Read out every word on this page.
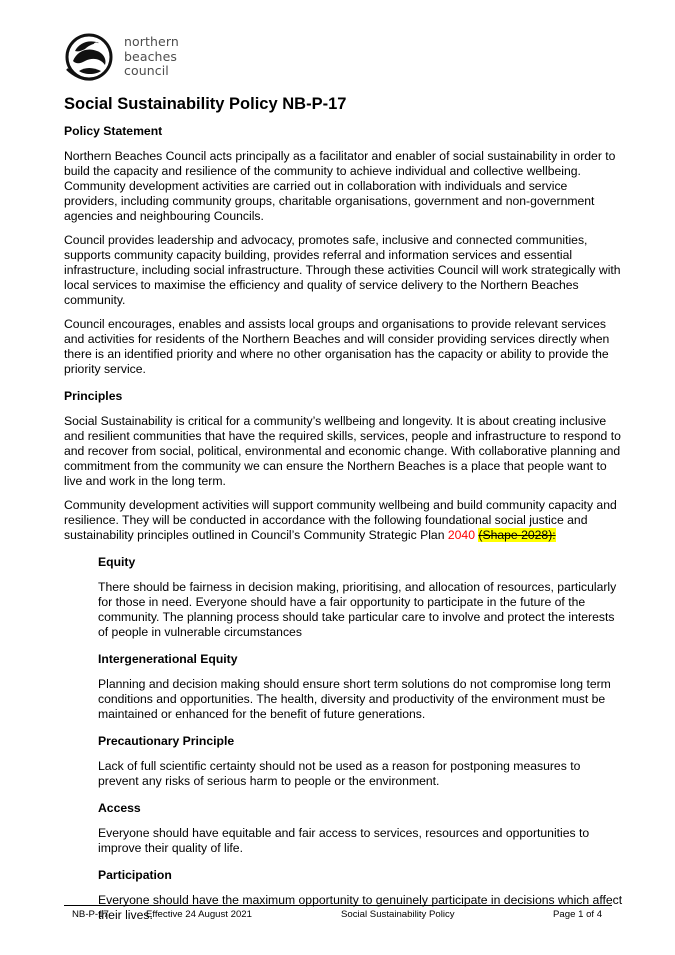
northern
beaches
council
Social Sustainability Policy NB-P-17
Policy Statement

Northern Beaches Council acts principally as a facilitator and enabler of social sustainability in order to build the capacity and resilience of the community to achieve individual and collective wellbeing. Community development activities are carried out in collaboration with individuals and service providers, including community groups, charitable organisations, government and non-government agencies and neighbouring Councils.

Council provides leadership and advocacy, promotes safe, inclusive and connected communities, supports community capacity building, provides referral and information services and essential infrastructure, including social infrastructure. Through these activities Council will work strategically with local services to maximise the efficiency and quality of service delivery to the Northern Beaches community.

Council encourages, enables and assists local groups and organisations to provide relevant services and activities for residents of the Northern Beaches and will consider providing services directly when there is an identified priority and where no other organisation has the capacity or ability to provide the priority service.

Principles

Social Sustainability is critical for a community’s wellbeing and longevity. It is about creating inclusive and resilient communities that have the required skills, services, people and infrastructure to respond to and recover from social, political, environmental and economic change. With collaborative planning and commitment from the community we can ensure the Northern Beaches is a place that people want to live and work in the long term.

Community development activities will support community wellbeing and build community capacity and resilience. They will be conducted in accordance with the following foundational social justice and sustainability principles outlined in Council’s Community Strategic Plan 2040 (Shape 2028):

Equity

There should be fairness in decision making, prioritising, and allocation of resources, particularly for those in need. Everyone should have a fair opportunity to participate in the future of the community. The planning process should take particular care to involve and protect the interests of people in vulnerable circumstances

Intergenerational Equity

Planning and decision making should ensure short term solutions do not compromise long term conditions and opportunities. The health, diversity and productivity of the environment must be maintained or enhanced for the benefit of future generations.

Precautionary Principle

Lack of full scientific certainty should not be used as a reason for postponing measures to prevent any risks of serious harm to people or the environment.

Access

Everyone should have equitable and fair access to services, resources and opportunities to improve their quality of life.

Participation

Everyone should have the maximum opportunity to genuinely participate in decisions which affect their lives.

NB-P-17	Effective 24 August 2021	Social Sustainability Policy	Page 1 of 4
